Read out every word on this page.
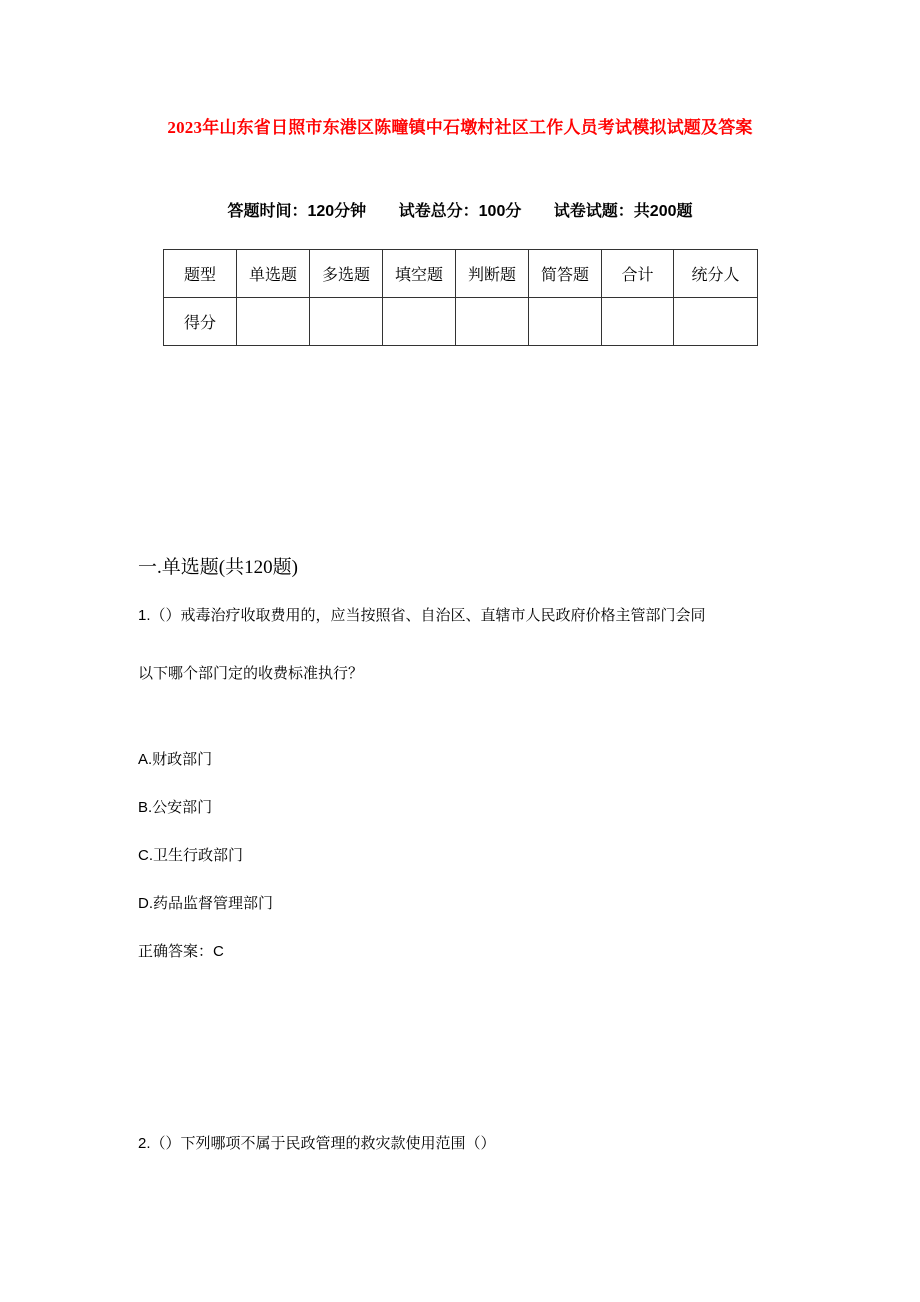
2023年山东省日照市东港区陈疃镇中石墩村社区工作人员考试模拟试题及答案
答题时间：120分钟 试卷总分：100分 试卷试题：共200题
题型	单选题	多选题	填空题	判断题	简答题	合计	统分人
得分							
一.单选题(共120题)
1.（）戒毒治疗收取费用的，应当按照省、自治区、直辖市人民政府价格主管部门会同
以下哪个部门定的收费标准执行？
A.财政部门
B.公安部门
C.卫生行政部门
D.药品监督管理部门
正确答案：C
2.（）下列哪项不属于民政管理的救灾款使用范围（）
